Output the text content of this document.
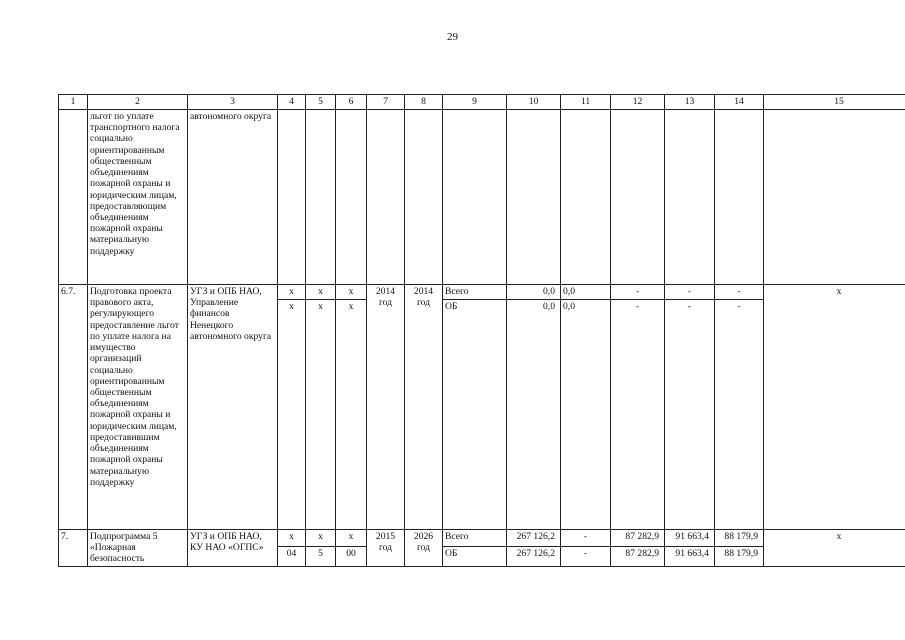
29
1	2	3	4	5	6	7	8	9	10	11	12	13	14	15
	льгот по уплате транспортного налога социально ориентированным общественным объединениям пожарной охраны и юридическим лицам, предоставляющим объединениям пожарной охраны материальную поддержку	автономного округа												
6.7.	Подготовка проекта правового акта, регулирующего предоставление льгот по уплате налога на имущество организаций социально ориентированным общественным объединениям пожарной охраны и юридическим лицам, предоставившим объединениям пожарной охраны материальную поддержку	УГЗ и ОПБ НАО, Управление финансов Ненецкого автономного округа	х	х	х	2014 год	2014 год	Всего	0,0	0,0	-	-	-	х
			х	х	х			ОБ	0,0	0,0	-	-	-	
7.	Подпрограмма 5 «Пожарная безопасность	УГЗ и ОПБ НАО, КУ НАО «ОГПС»	х	х	х	2015 год	2026 год	Всего	267 126,2	-	87 282,9	91 663,4	88 179,9	х
			04	5	00			ОБ	267 126,2	-	87 282,9	91 663,4	88 179,9	
